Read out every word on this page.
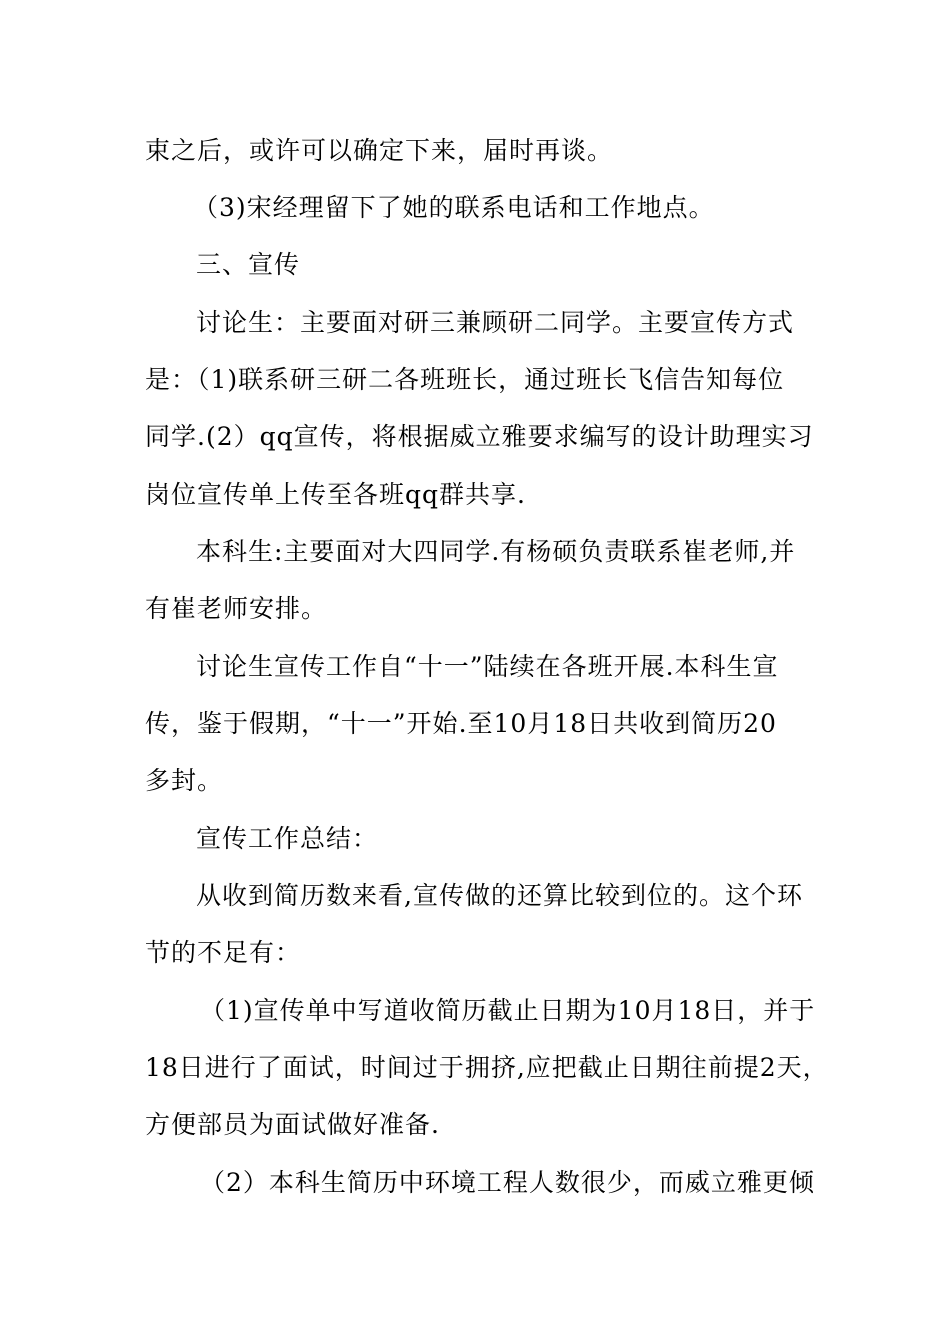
束之后，或许可以确定下来，届时再谈。
（3)宋经理留下了她的联系电话和工作地点。
三、宣传
讨论生：主要面对研三兼顾研二同学。主要宣传方式
是：（1)联系研三研二各班班长，通过班长飞信告知每位
同学.(2）qq宣传，将根据威立雅要求编写的设计助理实习
岗位宣传单上传至各班qq群共享.
本科生:主要面对大四同学.有杨硕负责联系崔老师,并
有崔老师安排。
讨论生宣传工作自“十一”陆续在各班开展.本科生宣
传，鉴于假期，“十一”开始.至10月18日共收到简历20
多封。
宣传工作总结：
从收到简历数来看,宣传做的还算比较到位的。这个环
节的不足有：
（1)宣传单中写道收简历截止日期为10月18日，并于
18日进行了面试，时间过于拥挤,应把截止日期往前提2天，
方便部员为面试做好准备.
（2）本科生简历中环境工程人数很少，而威立雅更倾
